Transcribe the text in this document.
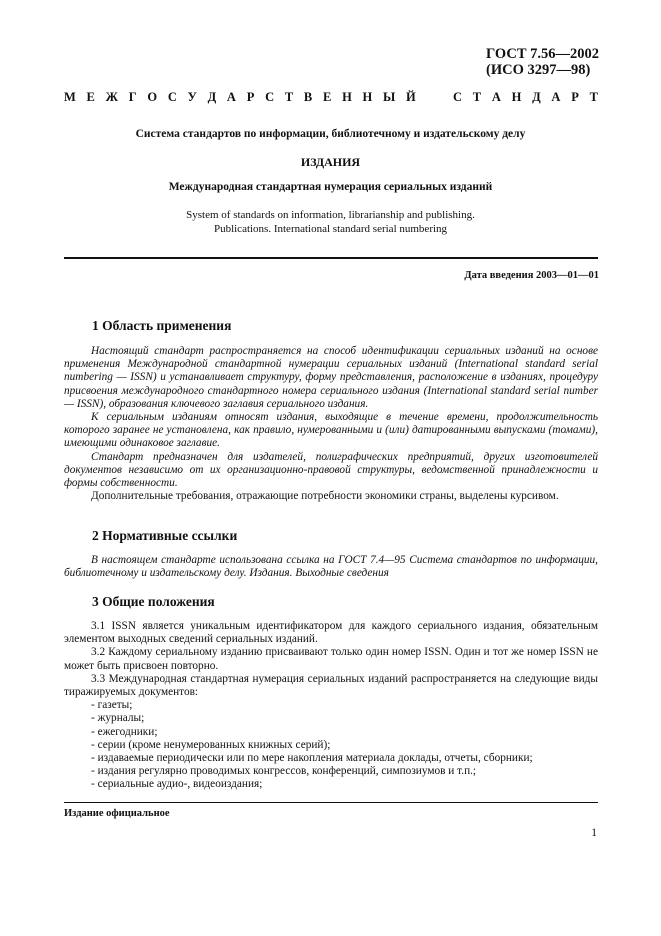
ГОСТ 7.56—2002
(ИСО 3297—98)
М Е Ж Г О С У Д А Р С Т В Е Н Н Ы Й	С Т А Н Д А Р Т
Система стандартов по информации, библиотечному и издательскому делу
ИЗДАНИЯ
Международная стандартная нумерация сериальных изданий
System of standards on information, librarianship and publishing.
Publications. International standard serial numbering
Дата введения 2003—01—01
1 Область применения

Настоящий стандарт распространяется на способ идентификации сериальных изданий на основе применения Международной стандартной нумерации сериальных изданий (International standard serial numbering — ISSN) и устанавливает структуру, форму представления, расположение в изданиях, процедуру присвоения международного стандартного номера сериального издания (International standard serial number — ISSN), образования ключевого заглавия сериального издания.

К сериальным изданиям относят издания, выходящие в течение времени, продолжительность которого заранее не установлена, как правило, нумерованными и (или) датированными выпусками (томами), имеющими одинаковое заглавие.

Стандарт предназначен для издателей, полиграфических предприятий, других изготовителей документов независимо от их организационно-правовой структуры, ведомственной принадлежности и формы собственности.

Дополнительные требования, отражающие потребности экономики страны, выделены курсивом.

2 Нормативные ссылки

В настоящем стандарте использована ссылка на ГОСТ 7.4—95 Система стандартов по информации, библиотечному и издательскому делу. Издания. Выходные сведения

3 Общие положения

3.1 ISSN является уникальным идентификатором для каждого сериального издания, обязательным элементом выходных сведений сериальных изданий.

3.2 Каждому сериальному изданию присваивают только один номер ISSN. Один и тот же номер ISSN не может быть присвоен повторно.

3.3 Международная стандартная нумерация сериальных изданий распространяется на следующие виды тиражируемых документов:

- газеты;
- журналы;
- ежегодники;
- серии (кроме ненумерованных книжных серий);
- издаваемые периодически или по мере накопления материала доклады, отчеты, сборники;
- издания регулярно проводимых конгрессов, конференций, симпозиумов и т.п.;
- сериальные аудио-, видеоиздания;
Издание официальное
1
